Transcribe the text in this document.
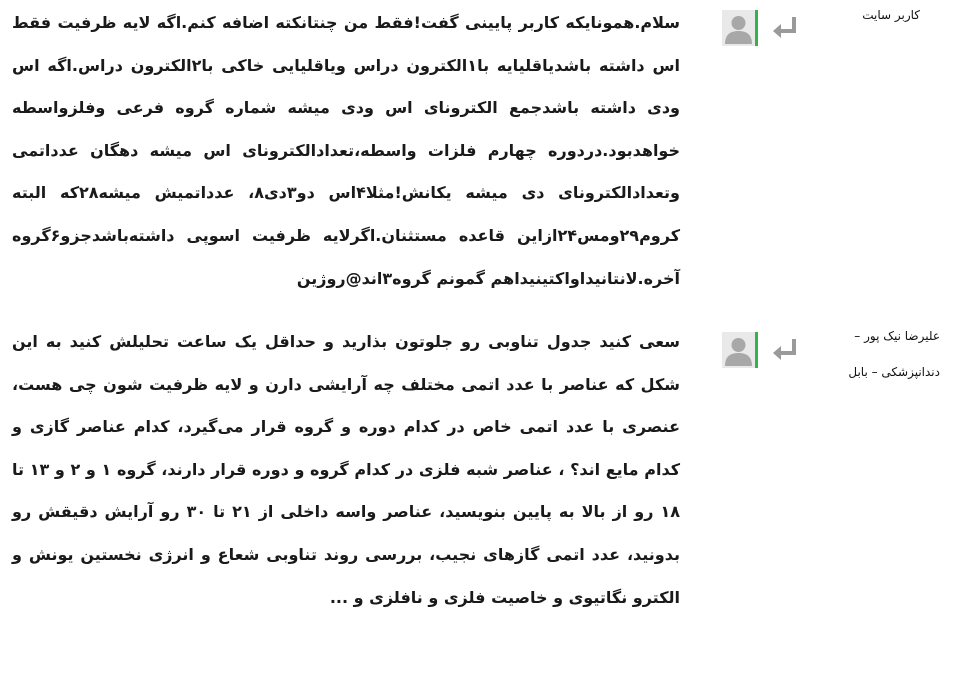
کاربر سایت
سلام.همونایکه کاربر پایینی گفت!فقط من چنتانکته اضافه کنم.اگه لایه ظرفیت فقط اس داشته باشدیاقلیایه با۱الکترون دراس ویاقلیایی خاکی با۲الکترون دراس.اگه اس ودی داشته باشدجمع الکترونای اس ودی میشه شماره گروه فرعی وفلزواسطه خواهدبود.دردوره چهارم فلزات واسطه،تعدادالکترونای اس میشه دهگان عدداتمی وتعدادالکترونای دی میشه یکانش!مثلا۴اس دو۳دی۸، عدداتمیش میشه۲۸که البته کروم۲۹ومس۲۴ازاین قاعده مستثنان.اگرلایه ظرفیت اسوپی داشته‌باشدجزو۶گروه آخره.لانتانیداواکتینیداهم گمونم گروه۳اند@روژین
علیرضا نیک پور –
دندانپزشکی – بابل
سعی کنید جدول تناوبی رو جلوتون بذارید و حداقل یک ساعت تحلیلش کنید به این شکل که عناصر با عدد اتمی مختلف چه آرایشی دارن و لایه ظرفیت شون چی هست، عنصری با عدد اتمی خاص در کدام دوره و گروه قرار می‌گیرد، کدام عناصر گازی و کدام مایع اند؟ ، عناصر شبه فلزی در کدام گروه و دوره قرار دارند، گروه ۱ و ۲ و ۱۳ تا ۱۸ رو از بالا به پایین بنویسید، عناصر واسه داخلی از ۲۱ تا ۳۰ رو آرایش دقیقش رو بدونید، عدد اتمی گازهای نجیب، بررسی روند تناوبی شعاع و انرژی نخستین یونش و الکترو نگاتیوی و خاصیت فلزی و نافلزی و ...
